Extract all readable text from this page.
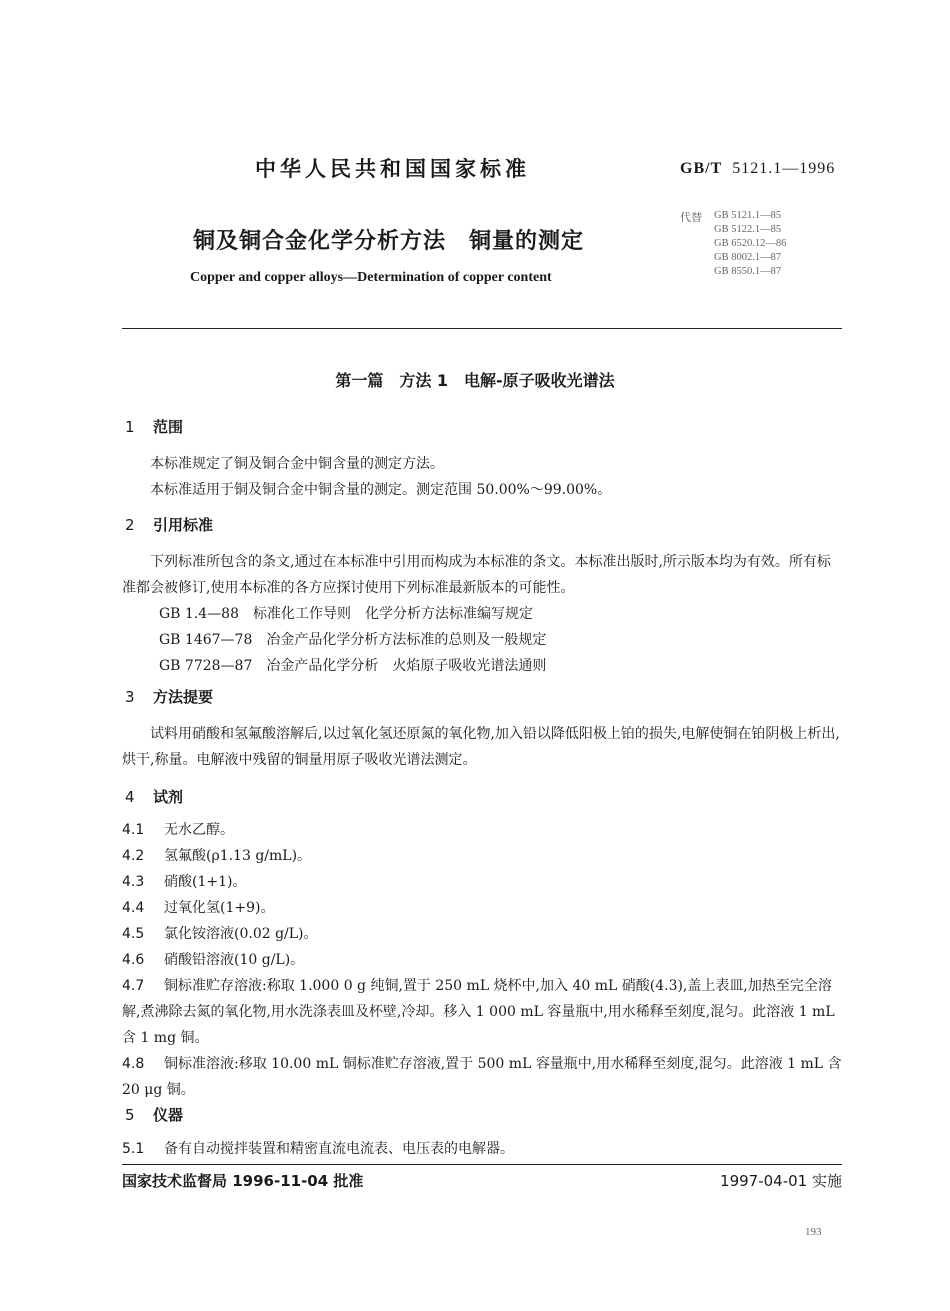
中华人民共和国国家标准	GB/T 5121.1—1996
铜及铜合金化学分析方法　铜量的测定
Copper and copper alloys—Determination of copper content
代替 GB 5121.1—85
GB 5122.1—85
GB 6520.12—86
GB 8002.1—87
GB 8550.1—87
第一篇　方法 1　电解-原子吸收光谱法
1 范围
本标准规定了铜及铜合金中铜含量的测定方法。
本标准适用于铜及铜合金中铜含量的测定。测定范围 50.00%～99.00%。
2 引用标准
下列标准所包含的条文,通过在本标准中引用而构成为本标准的条文。本标准出版时,所示版本均为有效。所有标准都会被修订,使用本标准的各方应探讨使用下列标准最新版本的可能性。
GB 1.4—88　标准化工作导则　化学分析方法标准编写规定
GB 1467—78　冶金产品化学分析方法标准的总则及一般规定
GB 7728—87　冶金产品化学分析　火焰原子吸收光谱法通则
3 方法提要
试料用硝酸和氢氟酸溶解后,以过氧化氢还原氮的氧化物,加入铅以降低阳极上铂的损失,电解使铜在铂阴极上析出,烘干,称量。电解液中残留的铜量用原子吸收光谱法测定。
4 试剂
4.1 无水乙醇。
4.2 氢氟酸(ρ1.13 g/mL)。
4.3 硝酸(1+1)。
4.4 过氧化氢(1+9)。
4.5 氯化铵溶液(0.02 g/L)。
4.6 硝酸铅溶液(10 g/L)。
4.7 铜标准贮存溶液:称取 1.000 0 g 纯铜,置于 250 mL 烧杯中,加入 40 mL 硝酸(4.3),盖上表皿,加热至完全溶解,煮沸除去氮的氧化物,用水洗涤表皿及杯壁,冷却。移入 1 000 mL 容量瓶中,用水稀释至刻度,混匀。此溶液 1 mL 含 1 mg 铜。
4.8 铜标准溶液:移取 10.00 mL 铜标准贮存溶液,置于 500 mL 容量瓶中,用水稀释至刻度,混匀。此溶液 1 mL 含 20 μg 铜。
5 仪器
5.1 备有自动搅拌装置和精密直流电流表、电压表的电解器。
国家技术监督局 1996-11-04 批准	1997-04-01 实施
193
